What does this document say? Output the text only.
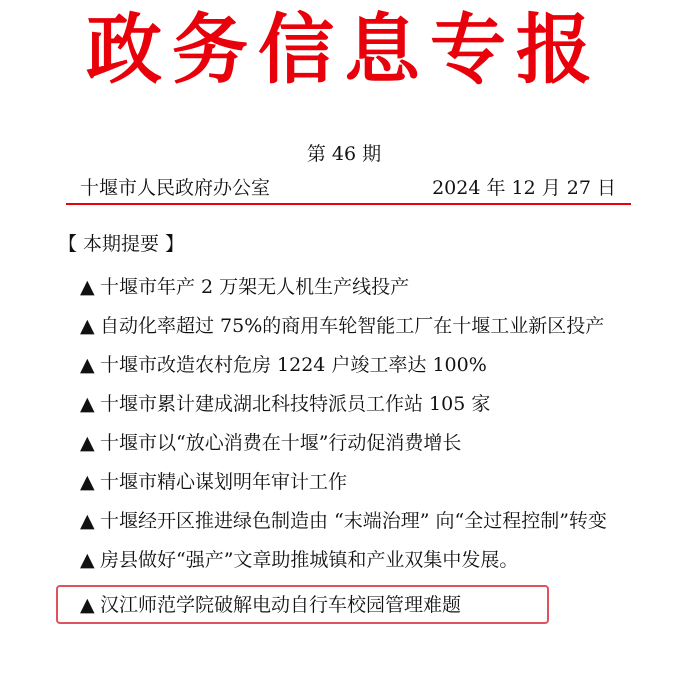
政务信息专报
第 46 期
十堰市人民政府办公室	2024 年 12 月 27 日
【 本期提要 】
▲ 十堰市年产 2 万架无人机生产线投产
▲ 自动化率超过 75%的商用车轮智能工厂在十堰工业新区投产
▲ 十堰市改造农村危房 1224 户竣工率达 100%
▲ 十堰市累计建成湖北科技特派员工作站 105 家
▲ 十堰市以“放心消费在十堰”行动促消费增长
▲ 十堰市精心谋划明年审计工作
▲ 十堰经开区推进绿色制造由 “末端治理” 向“全过程控制”转变
▲ 房县做好“强产”文章助推城镇和产业双集中发展。
▲ 汉江师范学院破解电动自行车校园管理难题
